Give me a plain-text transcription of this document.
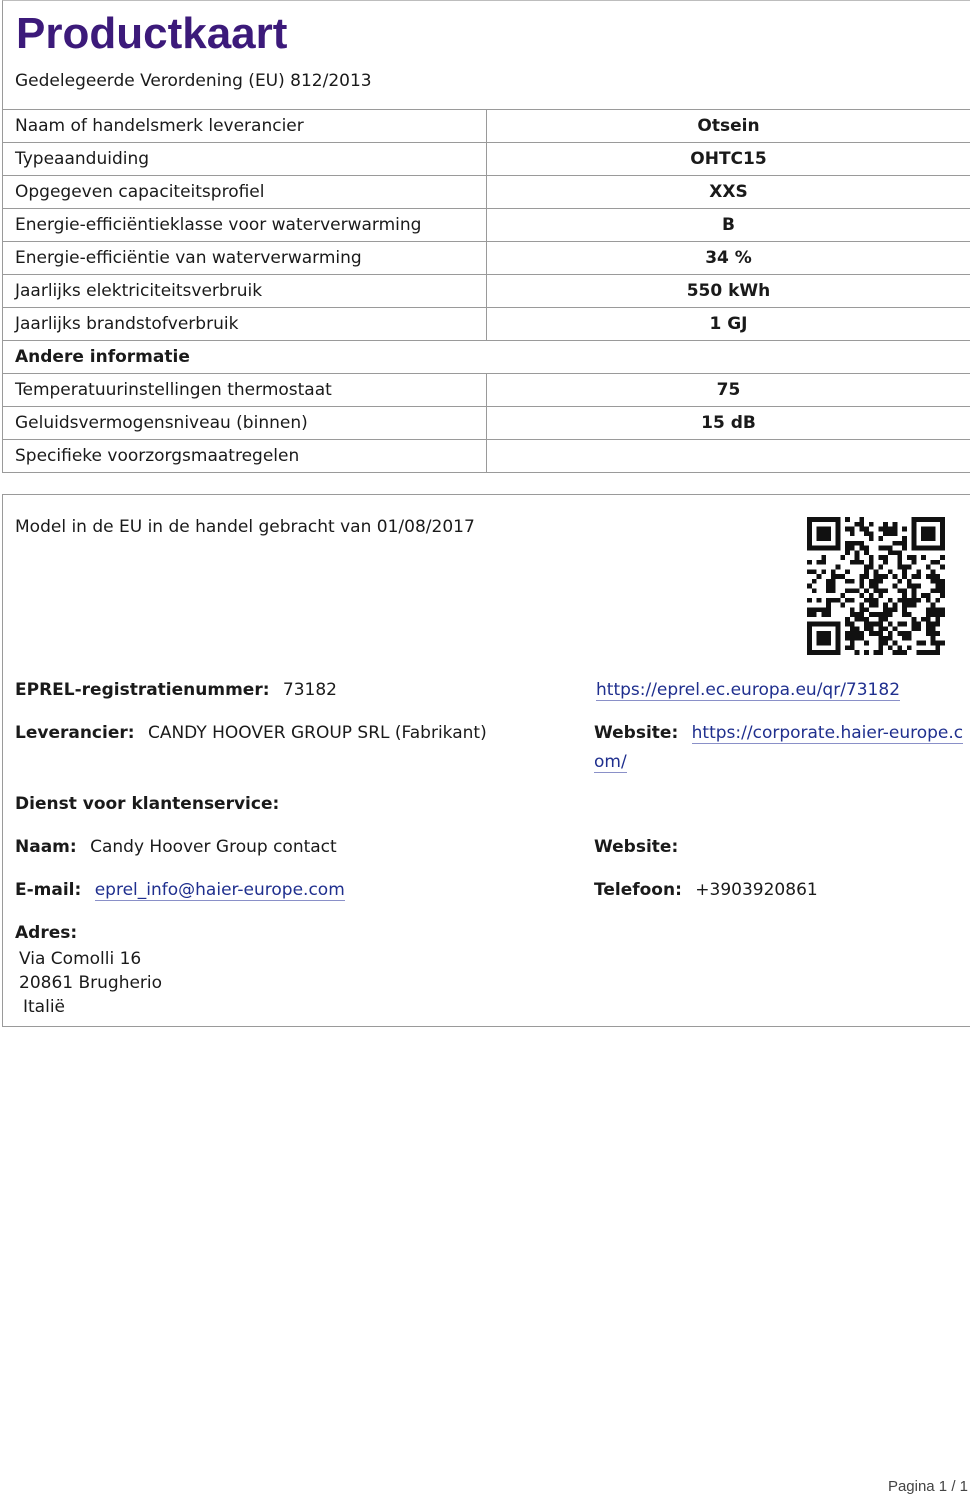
Productkaart
Gedelegeerde Verordening (EU) 812/2013
Naam of handelsmerk leverancier	Otsein
Typeaanduiding	OHTC15
Opgegeven capaciteitsprofiel	XXS
Energie-efficiëntieklasse voor waterverwarming	B
Energie-efficiëntie van waterverwarming	34 %
Jaarlijks elektriciteitsverbruik	550 kWh
Jaarlijks brandstofverbruik	1 GJ
Andere informatie	
Temperatuurinstellingen thermostaat	75
Geluidsvermogensniveau (binnen)	15 dB
Specifieke voorzorgsmaatregelen	
Model in de EU in de handel gebracht van 01/08/2017
EPREL-registratienummer: 73182	https://eprel.ec.europa.eu/qr/73182
Leverancier: CANDY HOOVER GROUP SRL (Fabrikant)	Website: https://corporate.haier-europe.c
om/
Dienst voor klantenservice:
Naam: Candy Hoover Group contact	Website:
E-mail: eprel_info@haier-europe.com	Telefoon: +3903920861
Adres:
Via Comolli 16
20861 Brugherio
Italië
Pagina 1 / 1
